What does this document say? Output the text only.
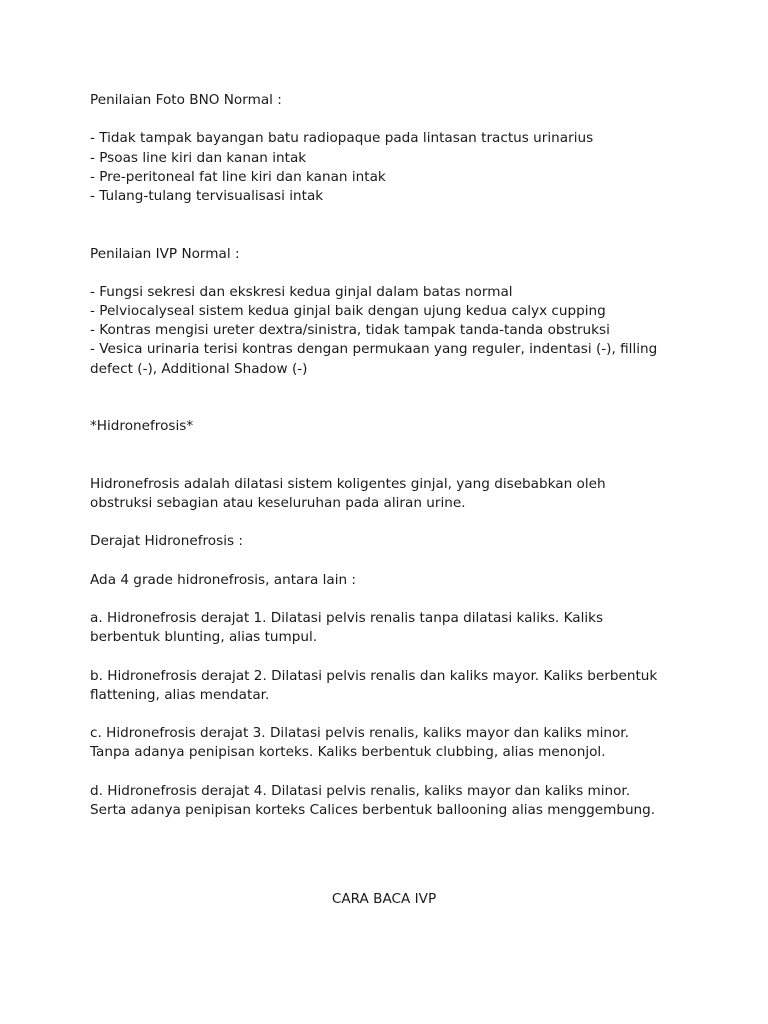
Penilaian Foto BNO Normal :
- Tidak tampak bayangan batu radiopaque pada lintasan tractus urinarius
- Psoas line kiri dan kanan intak
- Pre-peritoneal fat line kiri dan kanan intak
- Tulang-tulang tervisualisasi intak
Penilaian IVP Normal :
- Fungsi sekresi dan ekskresi kedua ginjal dalam batas normal
- Pelviocalyseal sistem kedua ginjal baik dengan ujung kedua calyx cupping
- Kontras mengisi ureter dextra/sinistra, tidak tampak tanda-tanda obstruksi
- Vesica urinaria terisi kontras dengan permukaan yang reguler, indentasi (-), filling
defect (-), Additional Shadow (-)
*Hidronefrosis*
Hidronefrosis adalah dilatasi sistem koligentes ginjal, yang disebabkan oleh
obstruksi sebagian atau keseluruhan pada aliran urine.
Derajat Hidronefrosis :
Ada 4 grade hidronefrosis, antara lain :
a. Hidronefrosis derajat 1. Dilatasi pelvis renalis tanpa dilatasi kaliks. Kaliks
berbentuk blunting, alias tumpul.
b. Hidronefrosis derajat 2. Dilatasi pelvis renalis dan kaliks mayor. Kaliks berbentuk
flattening, alias mendatar.
c. Hidronefrosis derajat 3. Dilatasi pelvis renalis, kaliks mayor dan kaliks minor.
Tanpa adanya penipisan korteks. Kaliks berbentuk clubbing, alias menonjol.
d. Hidronefrosis derajat 4. Dilatasi pelvis renalis, kaliks mayor dan kaliks minor.
Serta adanya penipisan korteks Calices berbentuk ballooning alias menggembung.
CARA BACA IVP
